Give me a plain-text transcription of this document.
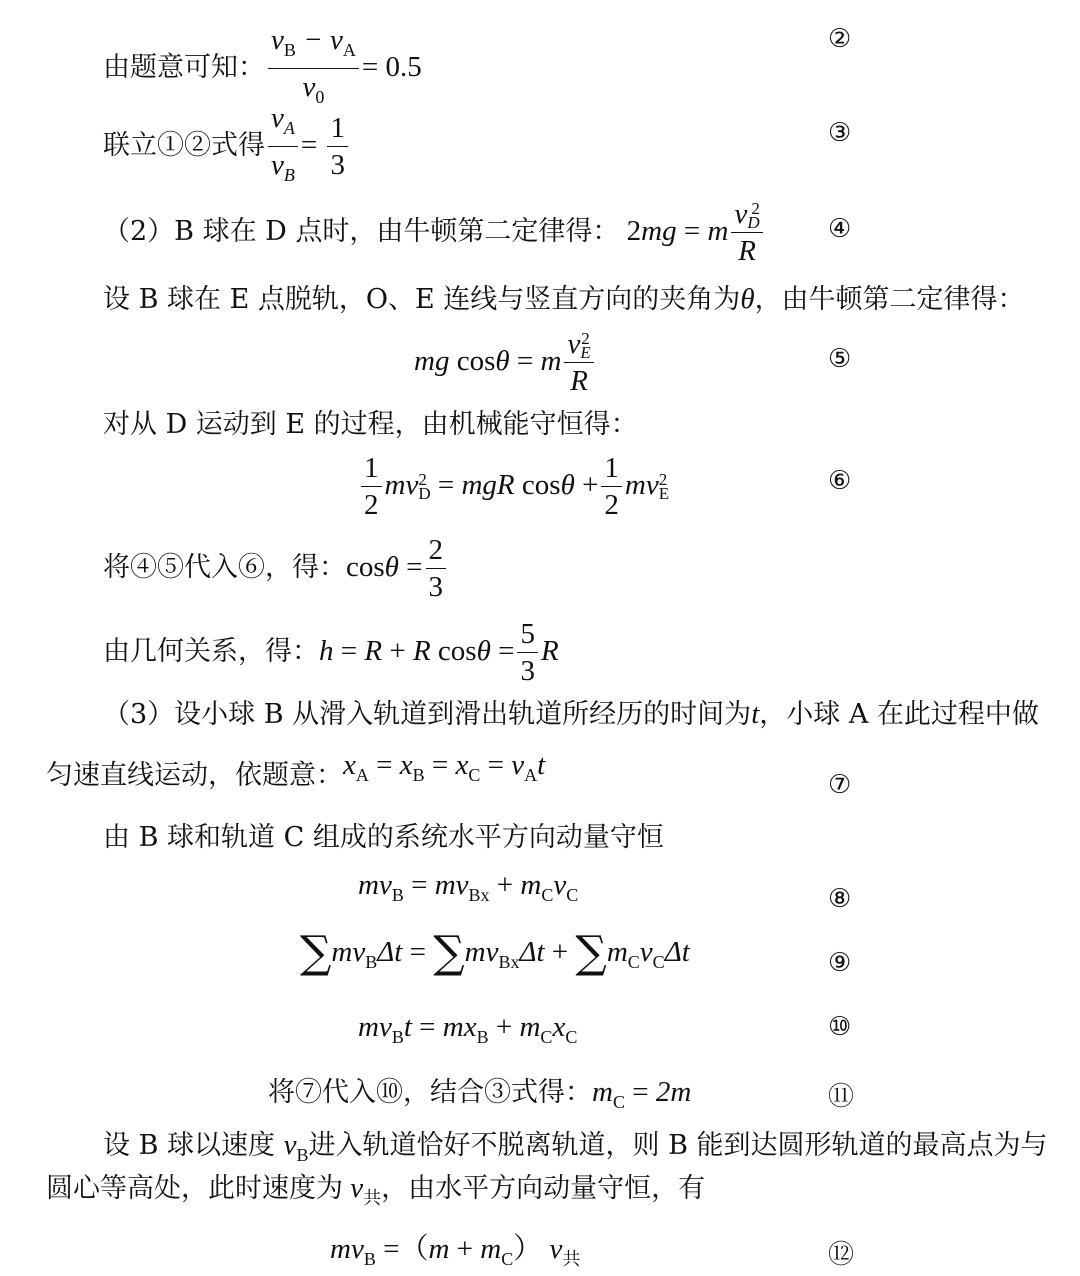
由题意可知： $\frac{v_B - v_A}{v_0} = 0.5$
②
联立①②式得 $\frac{v_A}{v_B} = \frac{1}{3}$	③
（2）B 球在 D 点时，由牛顿第二定律得： 2mg = m v 2
D
R	④
设 B 球在 E 点脱轨，O、E 连线与竖直方向的夹角为θ，由牛顿第二定律得：
mg cosθ = m v 2
E
R	⑤
对从 D 运动到 E 的过程，由机械能守恒得：
$\frac{1}{2}$ mv 2
D = mgR $\cos\theta + \frac{1}{2}$ mv 2
E	⑥
将④⑤代入⑥，得：$\cos\theta = \frac{2}{3}$
由几何关系，得：h = R + R $\cos\theta = \frac{5}{3}$ R
（3）设小球 B 从滑入轨道到滑出轨道所经历的时间为t，小球 A 在此过程中做
匀速直线运动，依题意：$x_A = x_B = x_C = v_At$
⑦
由 B 球和轨道 C 组成的系统水平方向动量守恒
$mv_B = mv_{Bx} + m_Cv_C$	⑧
$\sum mv_B\Delta t = \sum mv_{Bx}\Delta t + \sum m_Cv_C\Delta t$	⑨
$mv_Bt = mx_B + m_Cx_C$	⑩
将⑦代入⑩，结合③式得：$m_C = 2m$	⑪
设 B 球以速度 $v_B$进入轨道恰好不脱离轨道，则 B 能到达圆形轨道的最高点为与
圆心等高处，此时速度为 $v_共$，由水平方向动量守恒，有
$mv_B =(m + m_C)$ $v_共$	⑫
